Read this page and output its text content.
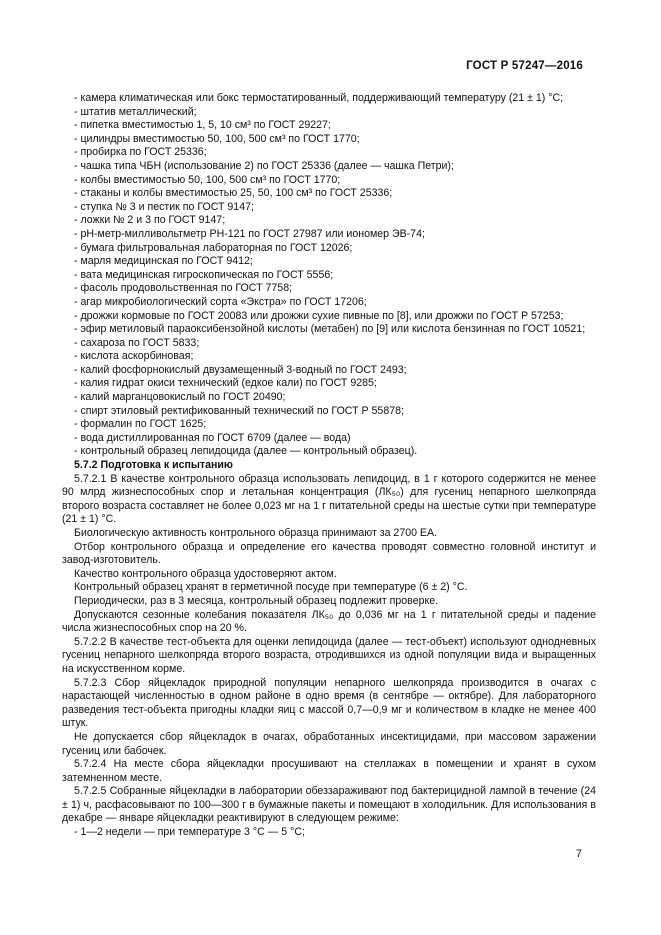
ГОСТ Р 57247—2016

- камера климатическая или бокс термостатированный, поддерживающий температуру (21 ± 1) °С;

- штатив металлический;

- пипетка вместимостью 1, 5, 10 см³ по ГОСТ 29227;

- цилиндры вместимостью 50, 100, 500 см³ по ГОСТ 1770;

- пробирка по ГОСТ 25336;

- чашка типа ЧБН (использование 2) по ГОСТ 25336 (далее — чашка Петри);

- колбы вместимостью 50, 100, 500 см³ по ГОСТ 1770;

- стаканы и колбы вместимостью 25, 50, 100 см³ по ГОСТ 25336;

- ступка № 3 и пестик по ГОСТ 9147;

- ложки № 2 и 3 по ГОСТ 9147;

- рН-метр-милливольтметр РН-121 по ГОСТ 27987 или иономер ЭВ-74;

- бумага фильтровальная лабораторная по ГОСТ 12026;

- марля медицинская по ГОСТ 9412;

- вата медицинская гигроскопическая по ГОСТ 5556;

- фасоль продовольственная по ГОСТ 7758;

- агар микробиологический сорта «Экстра» по ГОСТ 17206;

- дрожжи кормовые по ГОСТ 20083 или дрожжи сухие пивные по [8], или дрожжи по ГОСТ Р 57253;

- эфир метиловый параоксибензойной кислоты (метабен) по [9] или кислота бензинная по ГОСТ 10521;

- сахароза по ГОСТ 5833;

- кислота аскорбиновая;

- калий фосфорнокислый двузамещенный 3-водный по ГОСТ 2493;

- калия гидрат окиси технический (едкое кали) по ГОСТ 9285;

- калий марганцовокислый по ГОСТ 20490;

- спирт этиловый ректификованный технический по ГОСТ Р 55878;

- формалин по ГОСТ 1625;

- вода дистиллированная по ГОСТ 6709 (далее — вода)

- контрольный образец лепидоцида (далее — контрольный образец).

5.7.2 Подготовка к испытанию

5.7.2.1 В качестве контрольного образца использовать лепидоцид, в 1 г которого содержится не менее 90 млрд жизнеспособных спор и летальная концентрация (ЛК₅₀) для гусениц непарного шелкопряда второго возраста составляет не более 0,023 мг на 1 г питательной среды на шестые сутки при температуре (21 ± 1) °С.

Биологическую активность контрольного образца принимают за 2700 ЕА.

Отбор контрольного образца и определение его качества проводят совместно головной институт и завод-изготовитель.

Качество контрольного образца удостоверяют актом.

Контрольный образец хранят в герметичной посуде при температуре (6 ± 2) °С.

Периодически, раз в 3 месяца, контрольный образец подлежит проверке.

Допускаются сезонные колебания показателя ЛК₅₀ до 0,036 мг на 1 г питательной среды и падение числа жизнеспособных спор на 20 %.

5.7.2.2 В качестве тест-объекта для оценки лепидоцида (далее — тест-объект) используют однодневных гусениц непарного шелкопряда второго возраста, отродившихся из одной популяции вида и выращенных на искусственном корме.

5.7.2.3 Сбор яйцекладок природной популяции непарного шелкопряда производится в очагах с нарастающей численностью в одном районе в одно время (в сентябре — октябре). Для лабораторного разведения тест-объекта пригодны кладки яиц с массой 0,7—0,9 мг и количеством в кладке не менее 400 штук.

Не допускается сбор яйцекладок в очагах, обработанных инсектицидами, при массовом заражении гусениц или бабочек.

5.7.2.4 На месте сбора яйцекладки просушивают на стеллажах в помещении и хранят в сухом затемненном месте.

5.7.2.5 Собранные яйцекладки в лаборатории обеззараживают под бактерицидной лампой в течение (24 ± 1) ч, расфасовывают по 100—300 г в бумажные пакеты и помещают в холодильник. Для использования в декабре — январе яйцекладки реактивируют в следующем режиме:

- 1—2 недели — при температуре 3 °С — 5 °С;

7
